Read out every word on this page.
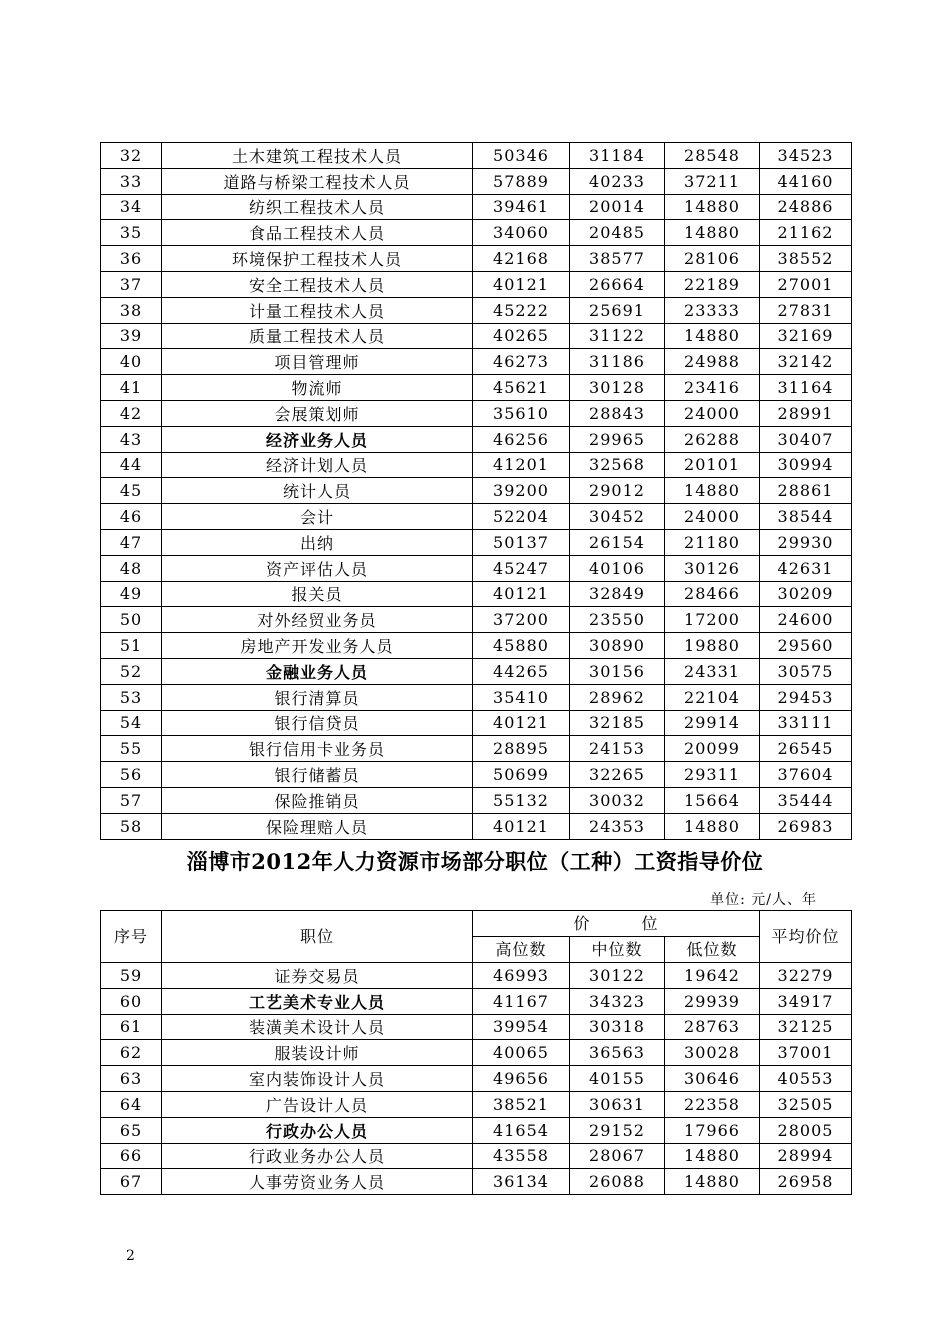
32	土木建筑工程技术人员	50346	31184	28548	34523
33	道路与桥梁工程技术人员	57889	40233	37211	44160
34	纺织工程技术人员	39461	20014	14880	24886
35	食品工程技术人员	34060	20485	14880	21162
36	环境保护工程技术人员	42168	38577	28106	38552
37	安全工程技术人员	40121	26664	22189	27001
38	计量工程技术人员	45222	25691	23333	27831
39	质量工程技术人员	40265	31122	14880	32169
40	项目管理师	46273	31186	24988	32142
41	物流师	45621	30128	23416	31164
42	会展策划师	35610	28843	24000	28991
43	经济业务人员	46256	29965	26288	30407
44	经济计划人员	41201	32568	20101	30994
45	统计人员	39200	29012	14880	28861
46	会计	52204	30452	24000	38544
47	出纳	50137	26154	21180	29930
48	资产评估人员	45247	40106	30126	42631
49	报关员	40121	32849	28466	30209
50	对外经贸业务员	37200	23550	17200	24600
51	房地产开发业务人员	45880	30890	19880	29560
52	金融业务人员	44265	30156	24331	30575
53	银行清算员	35410	28962	22104	29453
54	银行信贷员	40121	32185	29914	33111
55	银行信用卡业务员	28895	24153	20099	26545
56	银行储蓄员	50699	32265	29311	37604
57	保险推销员	55132	30032	15664	35444
58	保险理赔人员	40121	24353	14880	26983
淄博市2012年人力资源市场部分职位（工种）工资指导价位
单位: 元/人、年
序号	职位	价　　　位			平均价位
		高位数	中位数	低位数	
59	证券交易员	46993	30122	19642	32279
60	工艺美术专业人员	41167	34323	29939	34917
61	装潢美术设计人员	39954	30318	28763	32125
62	服装设计师	40065	36563	30028	37001
63	室内装饰设计人员	49656	40155	30646	40553
64	广告设计人员	38521	30631	22358	32505
65	行政办公人员	41654	29152	17966	28005
66	行政业务办公人员	43558	28067	14880	28994
67	人事劳资业务人员	36134	26088	14880	26958
2
